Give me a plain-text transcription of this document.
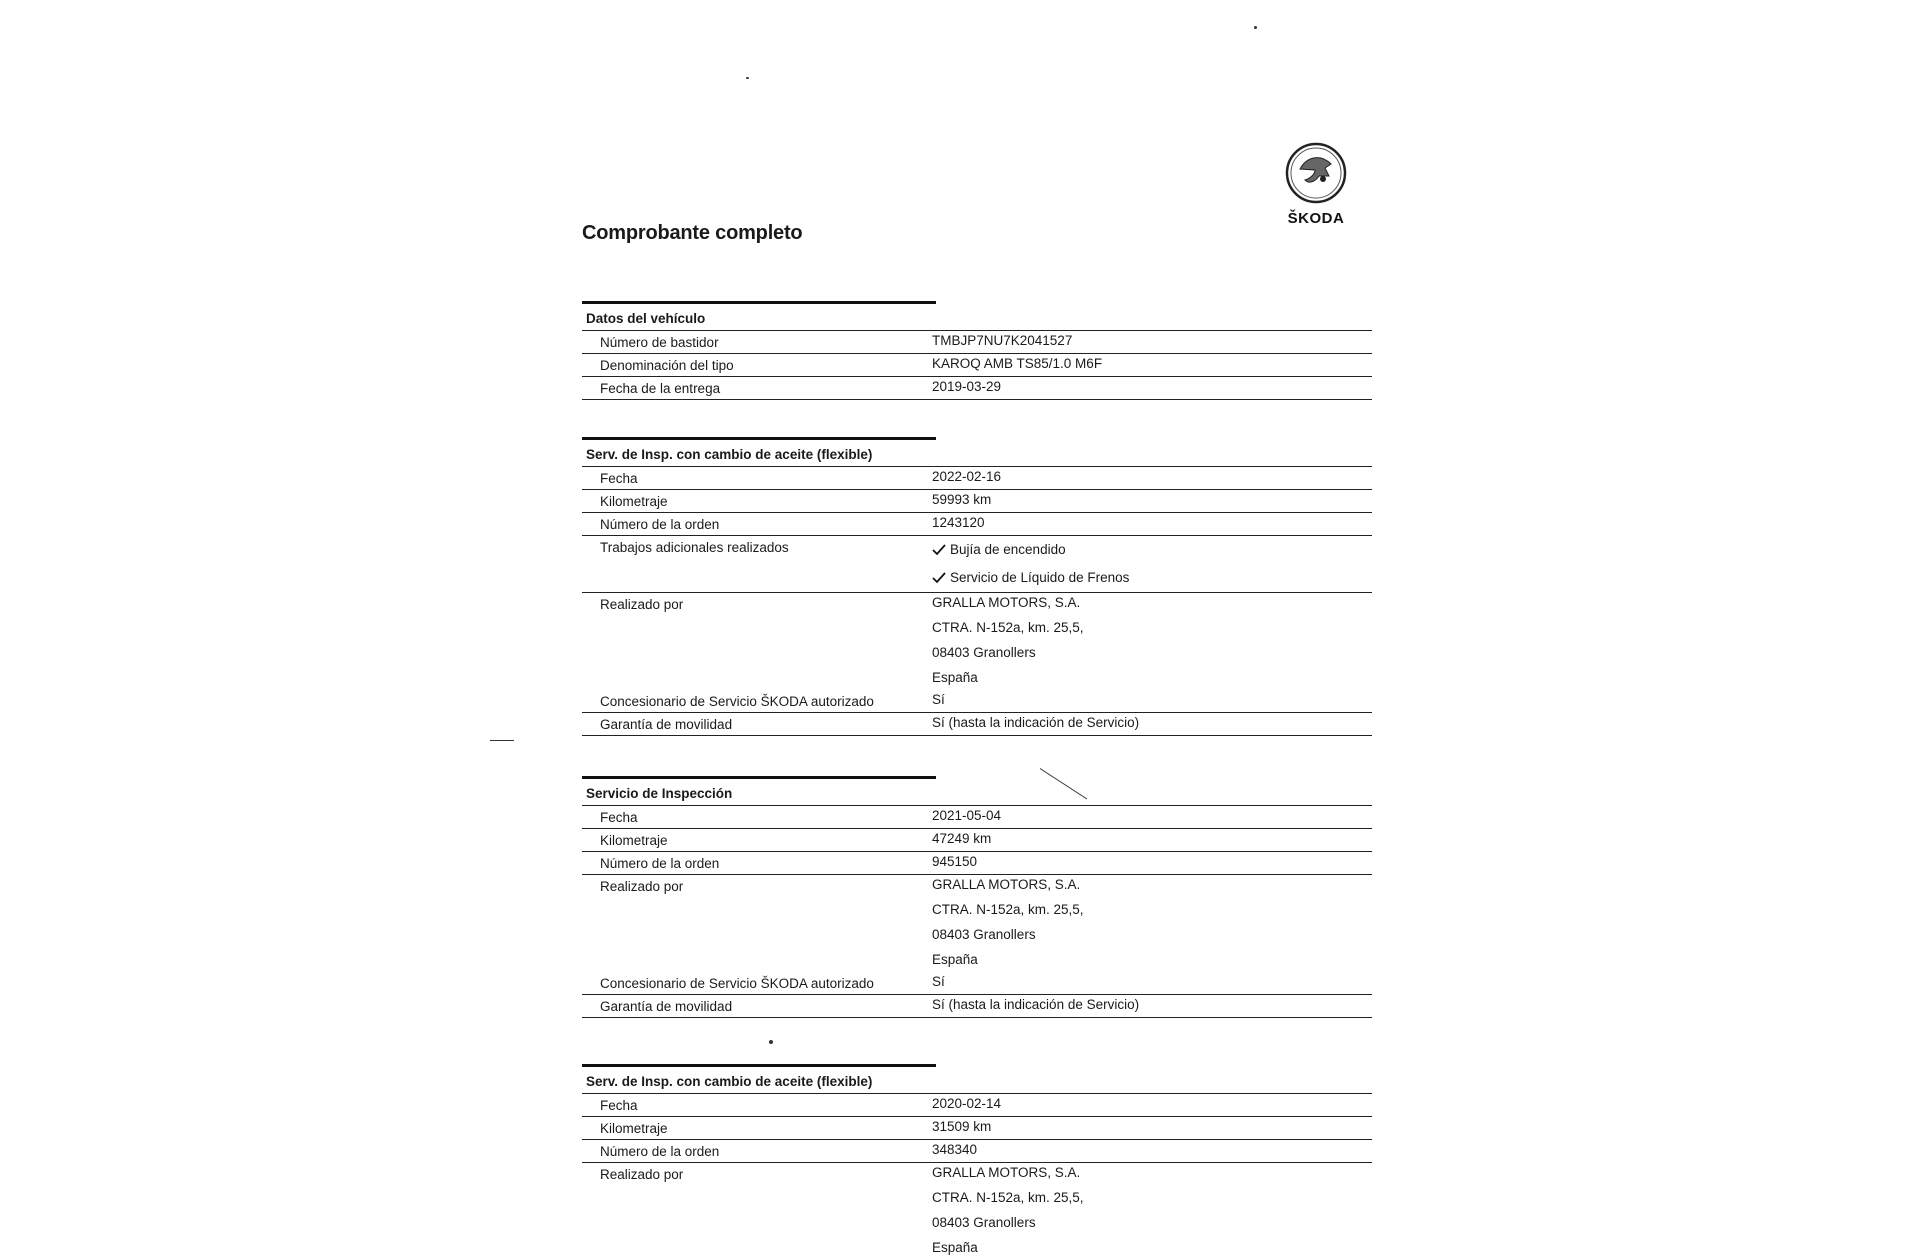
ŠKODA
Comprobante completo
Datos del vehículo
Número de bastidor	TMBJP7NU7K2041527
Denominación del tipo	KAROQ AMB TS85/1.0 M6F
Fecha de la entrega	2019-03-29
Serv. de Insp. con cambio de aceite (flexible)
Fecha	2022-02-16
Kilometraje	59993 km
Número de la orden	1243120
Trabajos adicionales realizados	Bujía de encendido
Servicio de Líquido de Frenos
Realizado por	GRALLA MOTORS, S.A.
CTRA. N-152a, km. 25,5,
08403 Granollers
España
Concesionario de Servicio ŠKODA autorizado	Sí
Garantía de movilidad	Sí (hasta la indicación de Servicio)
Servicio de Inspección
Fecha	2021-05-04
Kilometraje	47249 km
Número de la orden	945150
Realizado por	GRALLA MOTORS, S.A.
CTRA. N-152a, km. 25,5,
08403 Granollers
España
Concesionario de Servicio ŠKODA autorizado	Sí
Garantía de movilidad	Sí (hasta la indicación de Servicio)
Serv. de Insp. con cambio de aceite (flexible)
Fecha	2020-02-14
Kilometraje	31509 km
Número de la orden	348340
Realizado por	GRALLA MOTORS, S.A.
CTRA. N-152a, km. 25,5,
08403 Granollers
España
